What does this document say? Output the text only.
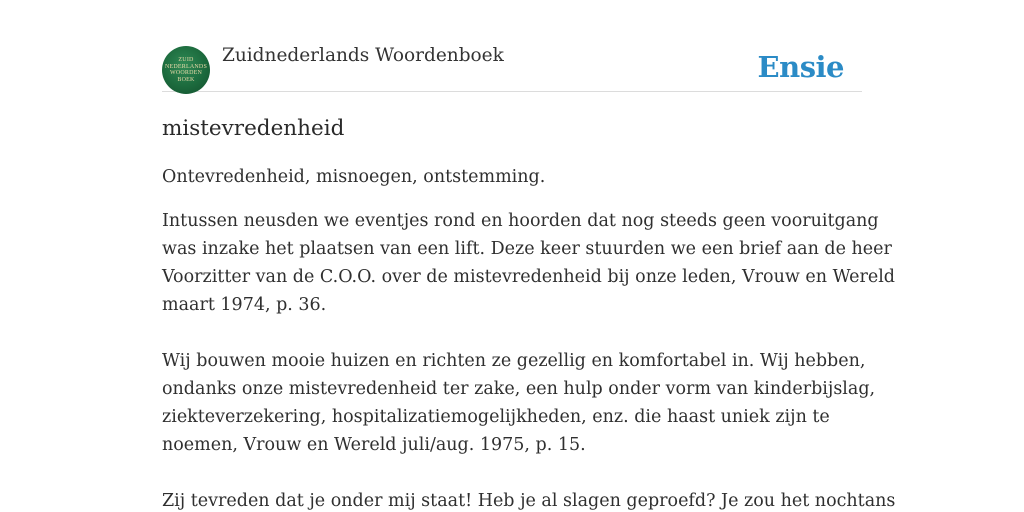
ZUID
NEDERLANDS
WOORDEN
BOEK
Zuidnederlands Woordenboek	Ensie
mistevredenheid
Ontevredenheid, misnoegen, ontstemming.
Intussen neusden we eventjes rond en hoorden dat nog steeds geen vooruitgang
was inzake het plaatsen van een lift. Deze keer stuurden we een brief aan de heer
Voorzitter van de C.O.O. over de mistevredenheid bij onze leden, Vrouw en Wereld
maart 1974, p. 36.
Wij bouwen mooie huizen en richten ze gezellig en komfortabel in. Wij hebben,
ondanks onze mistevredenheid ter zake, een hulp onder vorm van kinderbijslag,
ziekteverzekering, hospitalizatiemogelijkheden, enz. die haast uniek zijn te
noemen, Vrouw en Wereld juli/aug. 1975, p. 15.
Zij tevreden dat je onder mij staat! Heb je al slagen geproefd? Je zou het nochtans
